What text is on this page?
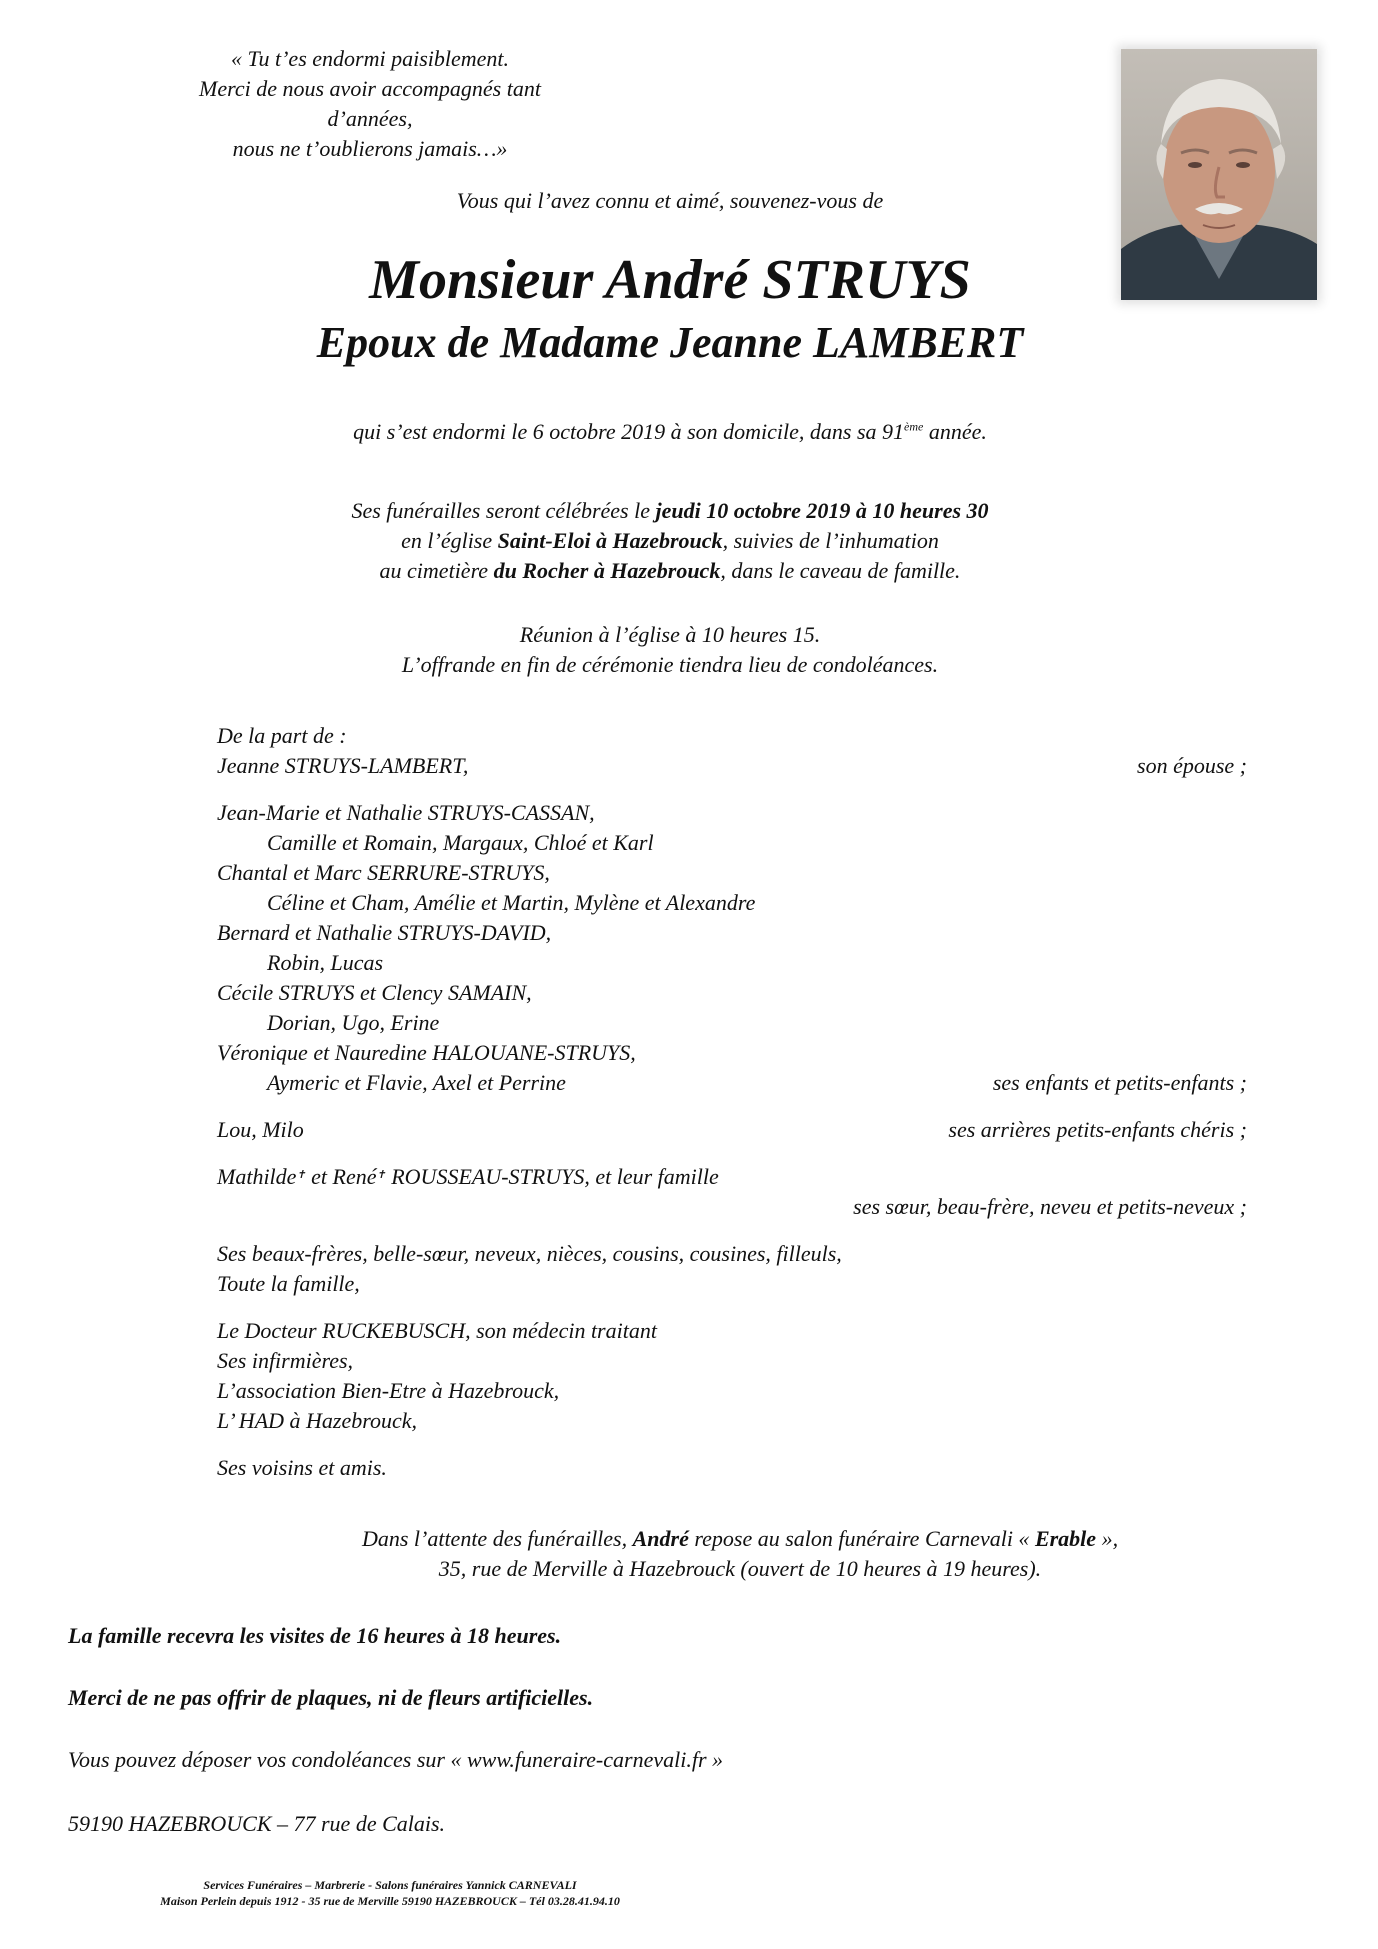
« Tu t’es endormi paisiblement.
Merci de nous avoir accompagnés tant d’années,
nous ne t’oublierons jamais…»
Vous qui l’avez connu et aimé, souvenez-vous de
Monsieur André STRUYS
Epoux de Madame Jeanne LAMBERT
qui s’est endormi le 6 octobre 2019 à son domicile, dans sa 91ème année.
Ses funérailles seront célébrées le jeudi 10 octobre 2019 à 10 heures 30
en l’église Saint-Eloi à Hazebrouck, suivies de l’inhumation
au cimetière du Rocher à Hazebrouck, dans le caveau de famille.
Réunion à l’église à 10 heures 15.
L’offrande en fin de cérémonie tiendra lieu de condoléances.
De la part de :
Jeanne STRUYS-LAMBERT,	son épouse ;
Jean-Marie et Nathalie STRUYS-CASSAN,
Camille et Romain, Margaux, Chloé et Karl
Chantal et Marc SERRURE-STRUYS,
Céline et Cham, Amélie et Martin, Mylène et Alexandre
Bernard et Nathalie STRUYS-DAVID,
Robin, Lucas
Cécile STRUYS et Clency SAMAIN,
Dorian, Ugo, Erine
Véronique et Nauredine HALOUANE-STRUYS,
Aymeric et Flavie, Axel et Perrine	ses enfants et petits-enfants ;
Lou, Milo	ses arrières petits-enfants chéris ;
Mathilde✝ et René✝ ROUSSEAU-STRUYS, et leur famille
ses sœur, beau-frère, neveu et petits-neveux ;
Ses beaux-frères, belle-sœur, neveux, nièces, cousins, cousines, filleuls,
Toute la famille,
Le Docteur RUCKEBUSCH, son médecin traitant
Ses infirmières,
L’association Bien-Etre à Hazebrouck,
L’ HAD à Hazebrouck,
Ses voisins et amis.
Dans l’attente des funérailles, André repose au salon funéraire Carnevali « Erable »,
35, rue de Merville à Hazebrouck (ouvert de 10 heures à 19 heures).
La famille recevra les visites de 16 heures à 18 heures.
Merci de ne pas offrir de plaques, ni de fleurs artificielles.
Vous pouvez déposer vos condoléances sur « www.funeraire-carnevali.fr »
59190 HAZEBROUCK – 77 rue de Calais.
Services Funéraires – Marbrerie - Salons funéraires Yannick CARNEVALI
Maison Perlein depuis 1912 - 35 rue de Merville 59190 HAZEBROUCK – Tél 03.28.41.94.10
